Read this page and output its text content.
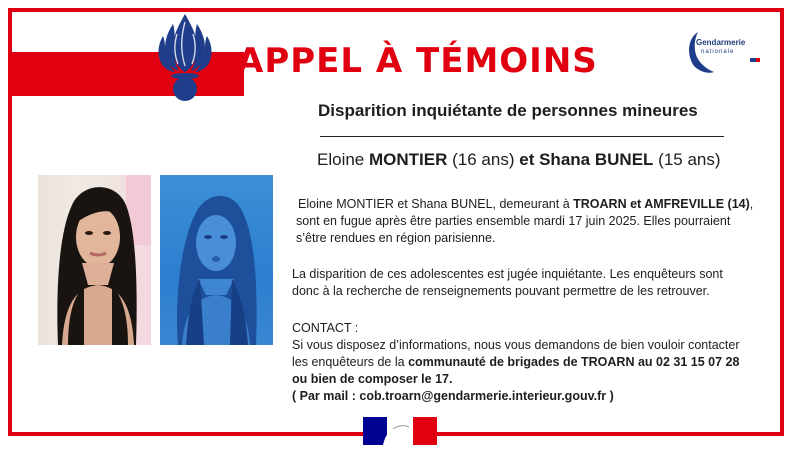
APPEL À TÉMOINS	Gendarmerie
nationale
Disparition inquiétante de personnes mineures
Eloine MONTIER (16 ans) et Shana BUNEL (15 ans)
Eloine MONTIER et Shana BUNEL, demeurant à TROARN et AMFREVILLE (14),
sont en fugue après être parties ensemble mardi 17 juin 2025. Elles pourraient
s’être rendues en région parisienne.
La disparition de ces adolescentes est jugée inquiétante. Les enquêteurs sont
donc à la recherche de renseignements pouvant permettre de les retrouver.
CONTACT :
Si vous disposez d’informations, nous vous demandons de bien vouloir contacter
les enquêteurs de la communauté de brigades de TROARN au 02 31 15 07 28
ou bien de composer le 17.
( Par mail : cob.troarn@gendarmerie.interieur.gouv.fr )
